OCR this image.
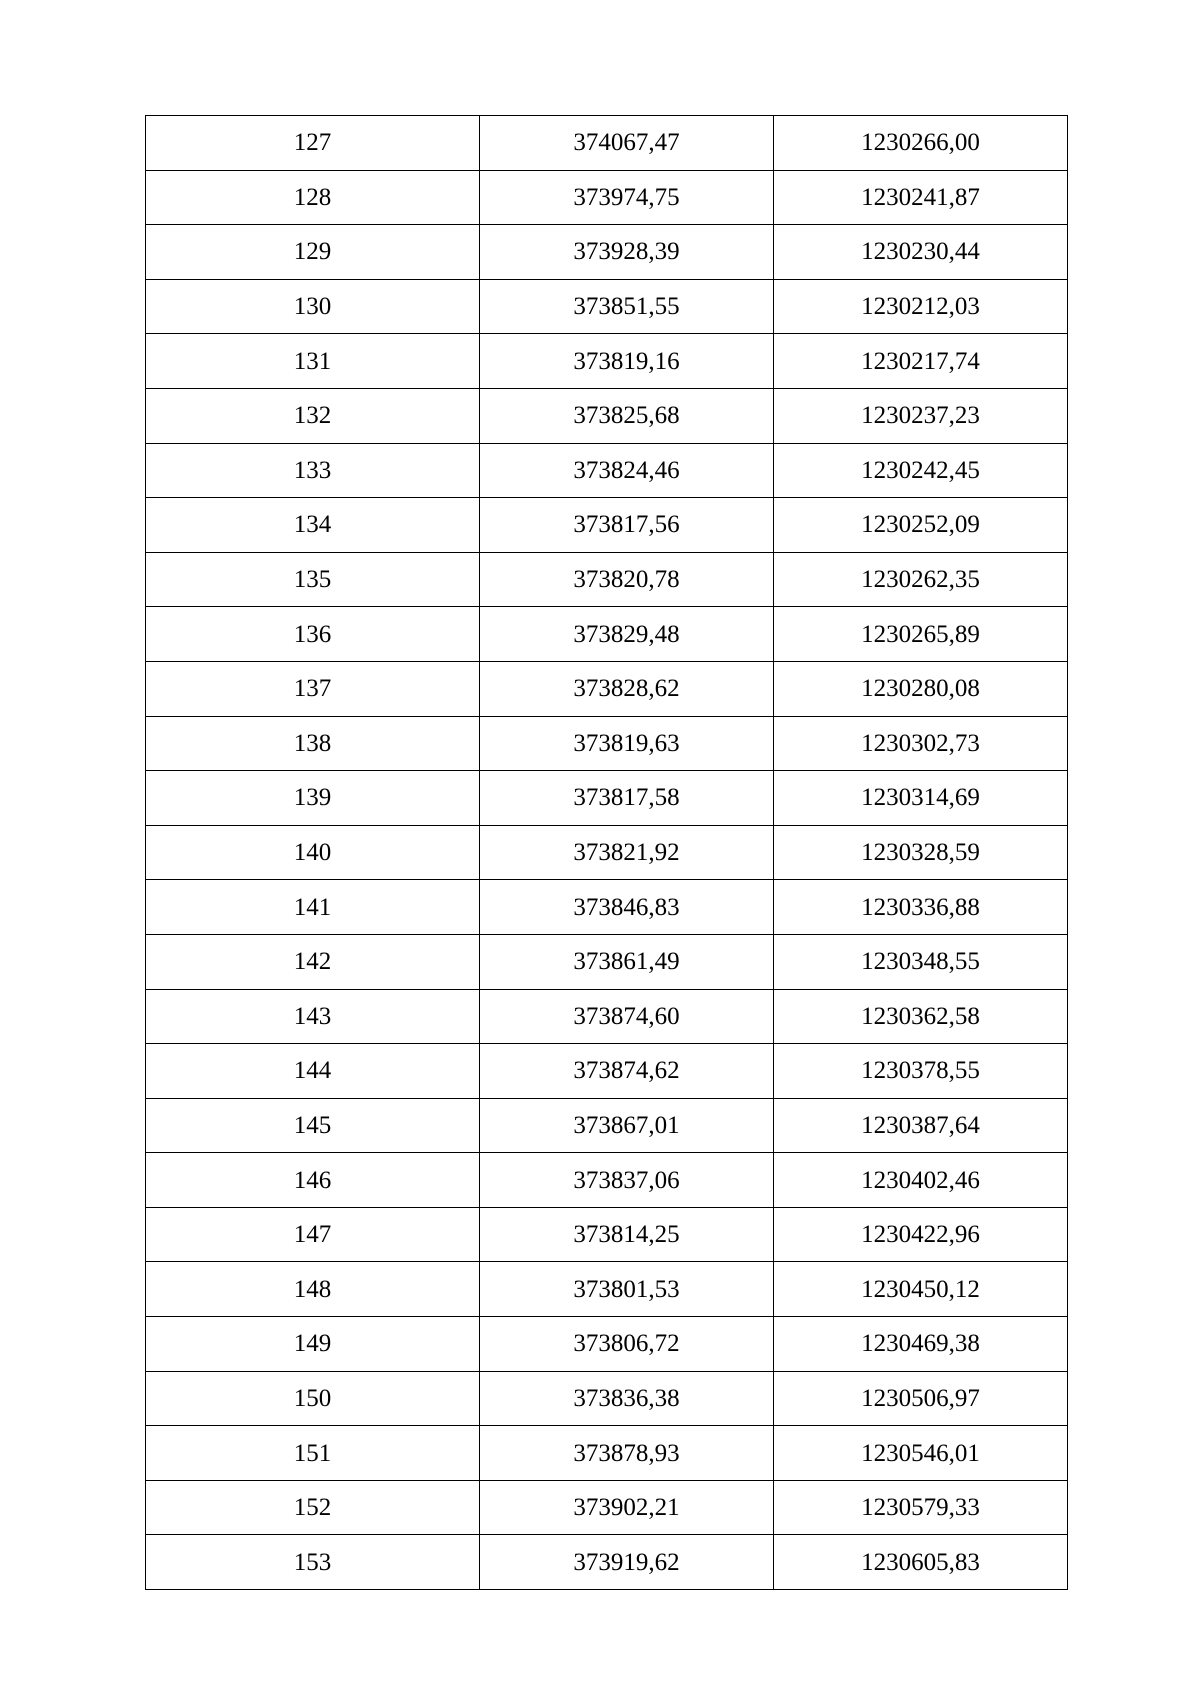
127	374067,47	1230266,00
128	373974,75	1230241,87
129	373928,39	1230230,44
130	373851,55	1230212,03
131	373819,16	1230217,74
132	373825,68	1230237,23
133	373824,46	1230242,45
134	373817,56	1230252,09
135	373820,78	1230262,35
136	373829,48	1230265,89
137	373828,62	1230280,08
138	373819,63	1230302,73
139	373817,58	1230314,69
140	373821,92	1230328,59
141	373846,83	1230336,88
142	373861,49	1230348,55
143	373874,60	1230362,58
144	373874,62	1230378,55
145	373867,01	1230387,64
146	373837,06	1230402,46
147	373814,25	1230422,96
148	373801,53	1230450,12
149	373806,72	1230469,38
150	373836,38	1230506,97
151	373878,93	1230546,01
152	373902,21	1230579,33
153	373919,62	1230605,83
